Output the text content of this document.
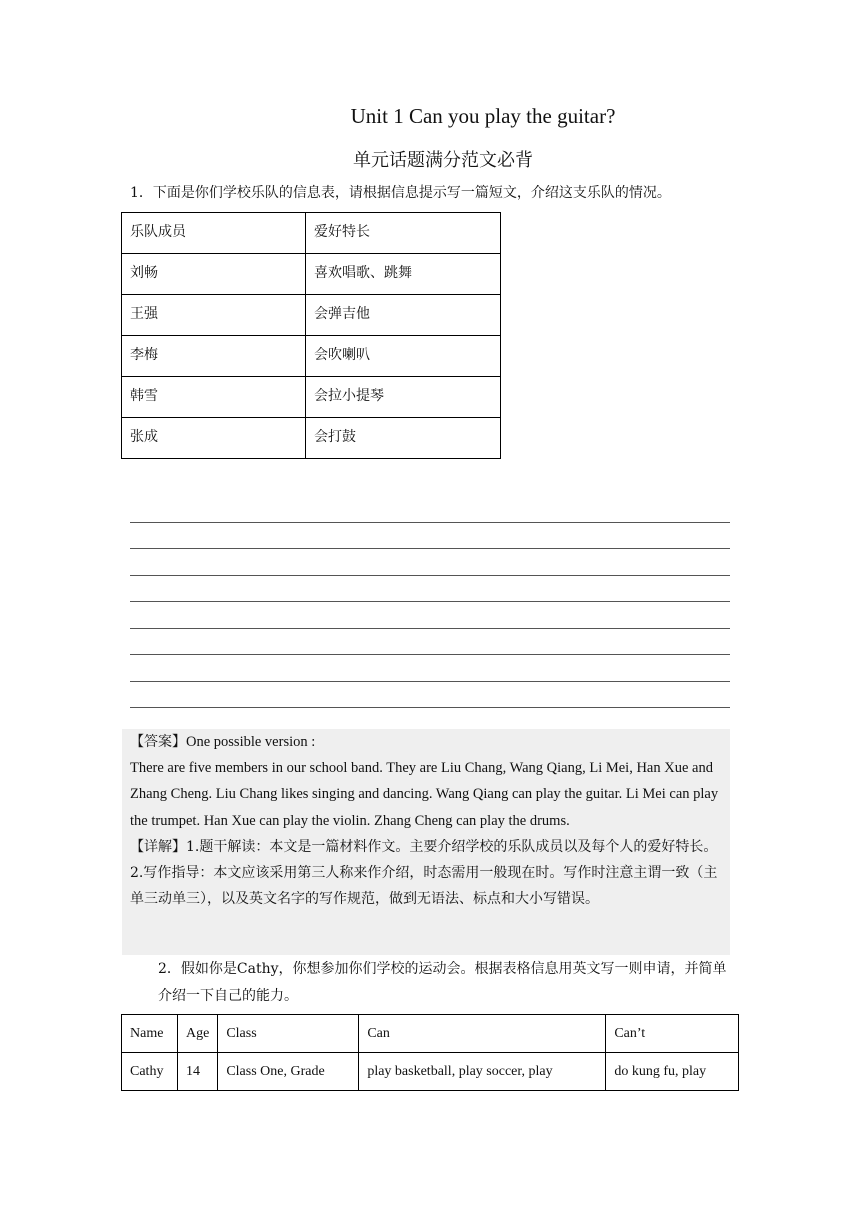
Unit 1 Can you play the guitar?
单元话题满分范文必背
1．下面是你们学校乐队的信息表，请根据信息提示写一篇短文，介绍这支乐队的情况。
乐队成员	爱好特长
刘畅	喜欢唱歌、跳舞
王强	会弹吉他
李梅	会吹喇叭
韩雪	会拉小提琴
张成	会打鼓
【答案】One possible version :
There are five members in our school band. They are Liu Chang, Wang Qiang, Li Mei, Han Xue and Zhang Cheng. Liu Chang likes singing and dancing. Wang Qiang can play the guitar. Li Mei can play the trumpet. Han Xue can play the violin. Zhang Cheng can play the drums.
【详解】1.题干解读：本文是一篇材料作文。主要介绍学校的乐队成员以及每个人的爱好特长。
2.写作指导：本文应该采用第三人称来作介绍，时态需用一般现在时。写作时注意主谓一致（主单三动单三），以及英文名字的写作规范，做到无语法、标点和大小写错误。
2．假如你是Cathy，你想参加你们学校的运动会。根据表格信息用英文写一则申请，并简单介绍一下自己的能力。
Name	Age	Class	Can	Can’t
Cathy	14	Class One, Grade	play basketball, play soccer, play	do kung fu, play
